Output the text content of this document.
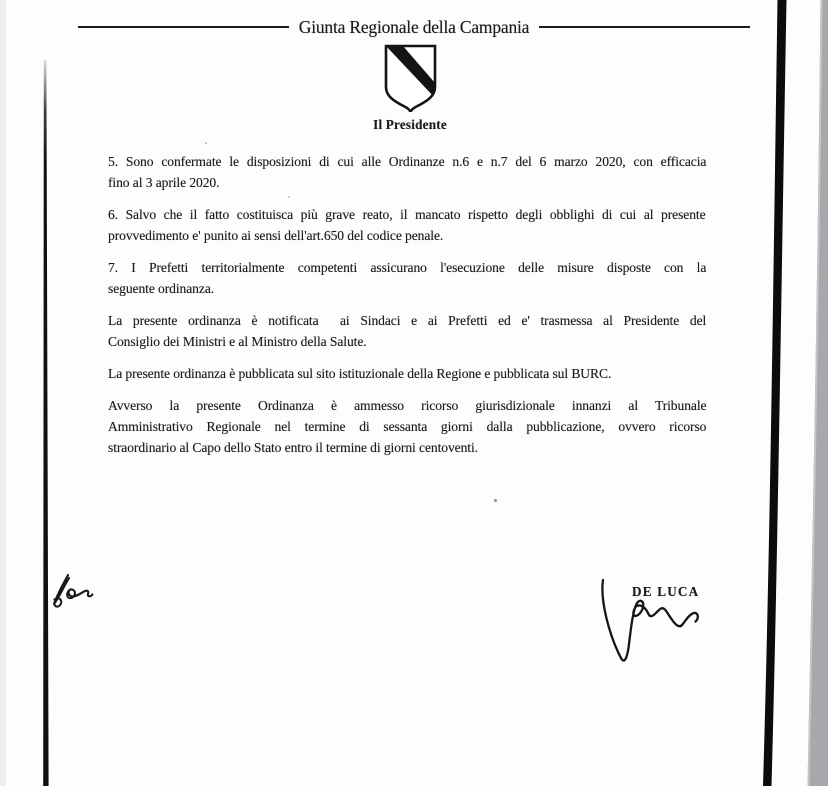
Giunta Regionale della Campania
Il Presidente
5. Sono confermate le disposizioni di cui alle Ordinanze n.6 e n.7 del 6 marzo 2020, con efficacia
fino al 3 aprile 2020.
6. Salvo che il fatto costituisca più grave reato, il mancato rispetto degli obblighi di cui al presente
provvedimento e' punito ai sensi dell'art.650 del codice penale.
7. I Prefetti territorialmente competenti assicurano l'esecuzione delle misure disposte con la
seguente ordinanza.
La presente ordinanza è notificata  ai Sindaci e ai Prefetti ed e' trasmessa al Presidente del
Consiglio dei Ministri e al Ministro della Salute.
La presente ordinanza è pubblicata sul sito istituzionale della Regione e pubblicata sul BURC.
Avverso la presente Ordinanza è ammesso ricorso giurisdizionale innanzi al Tribunale
Amministrativo Regionale nel termine di sessanta giorni dalla pubblicazione, ovvero ricorso
straordinario al Capo dello Stato entro il termine di giorni centoventi.
DE LUCA
